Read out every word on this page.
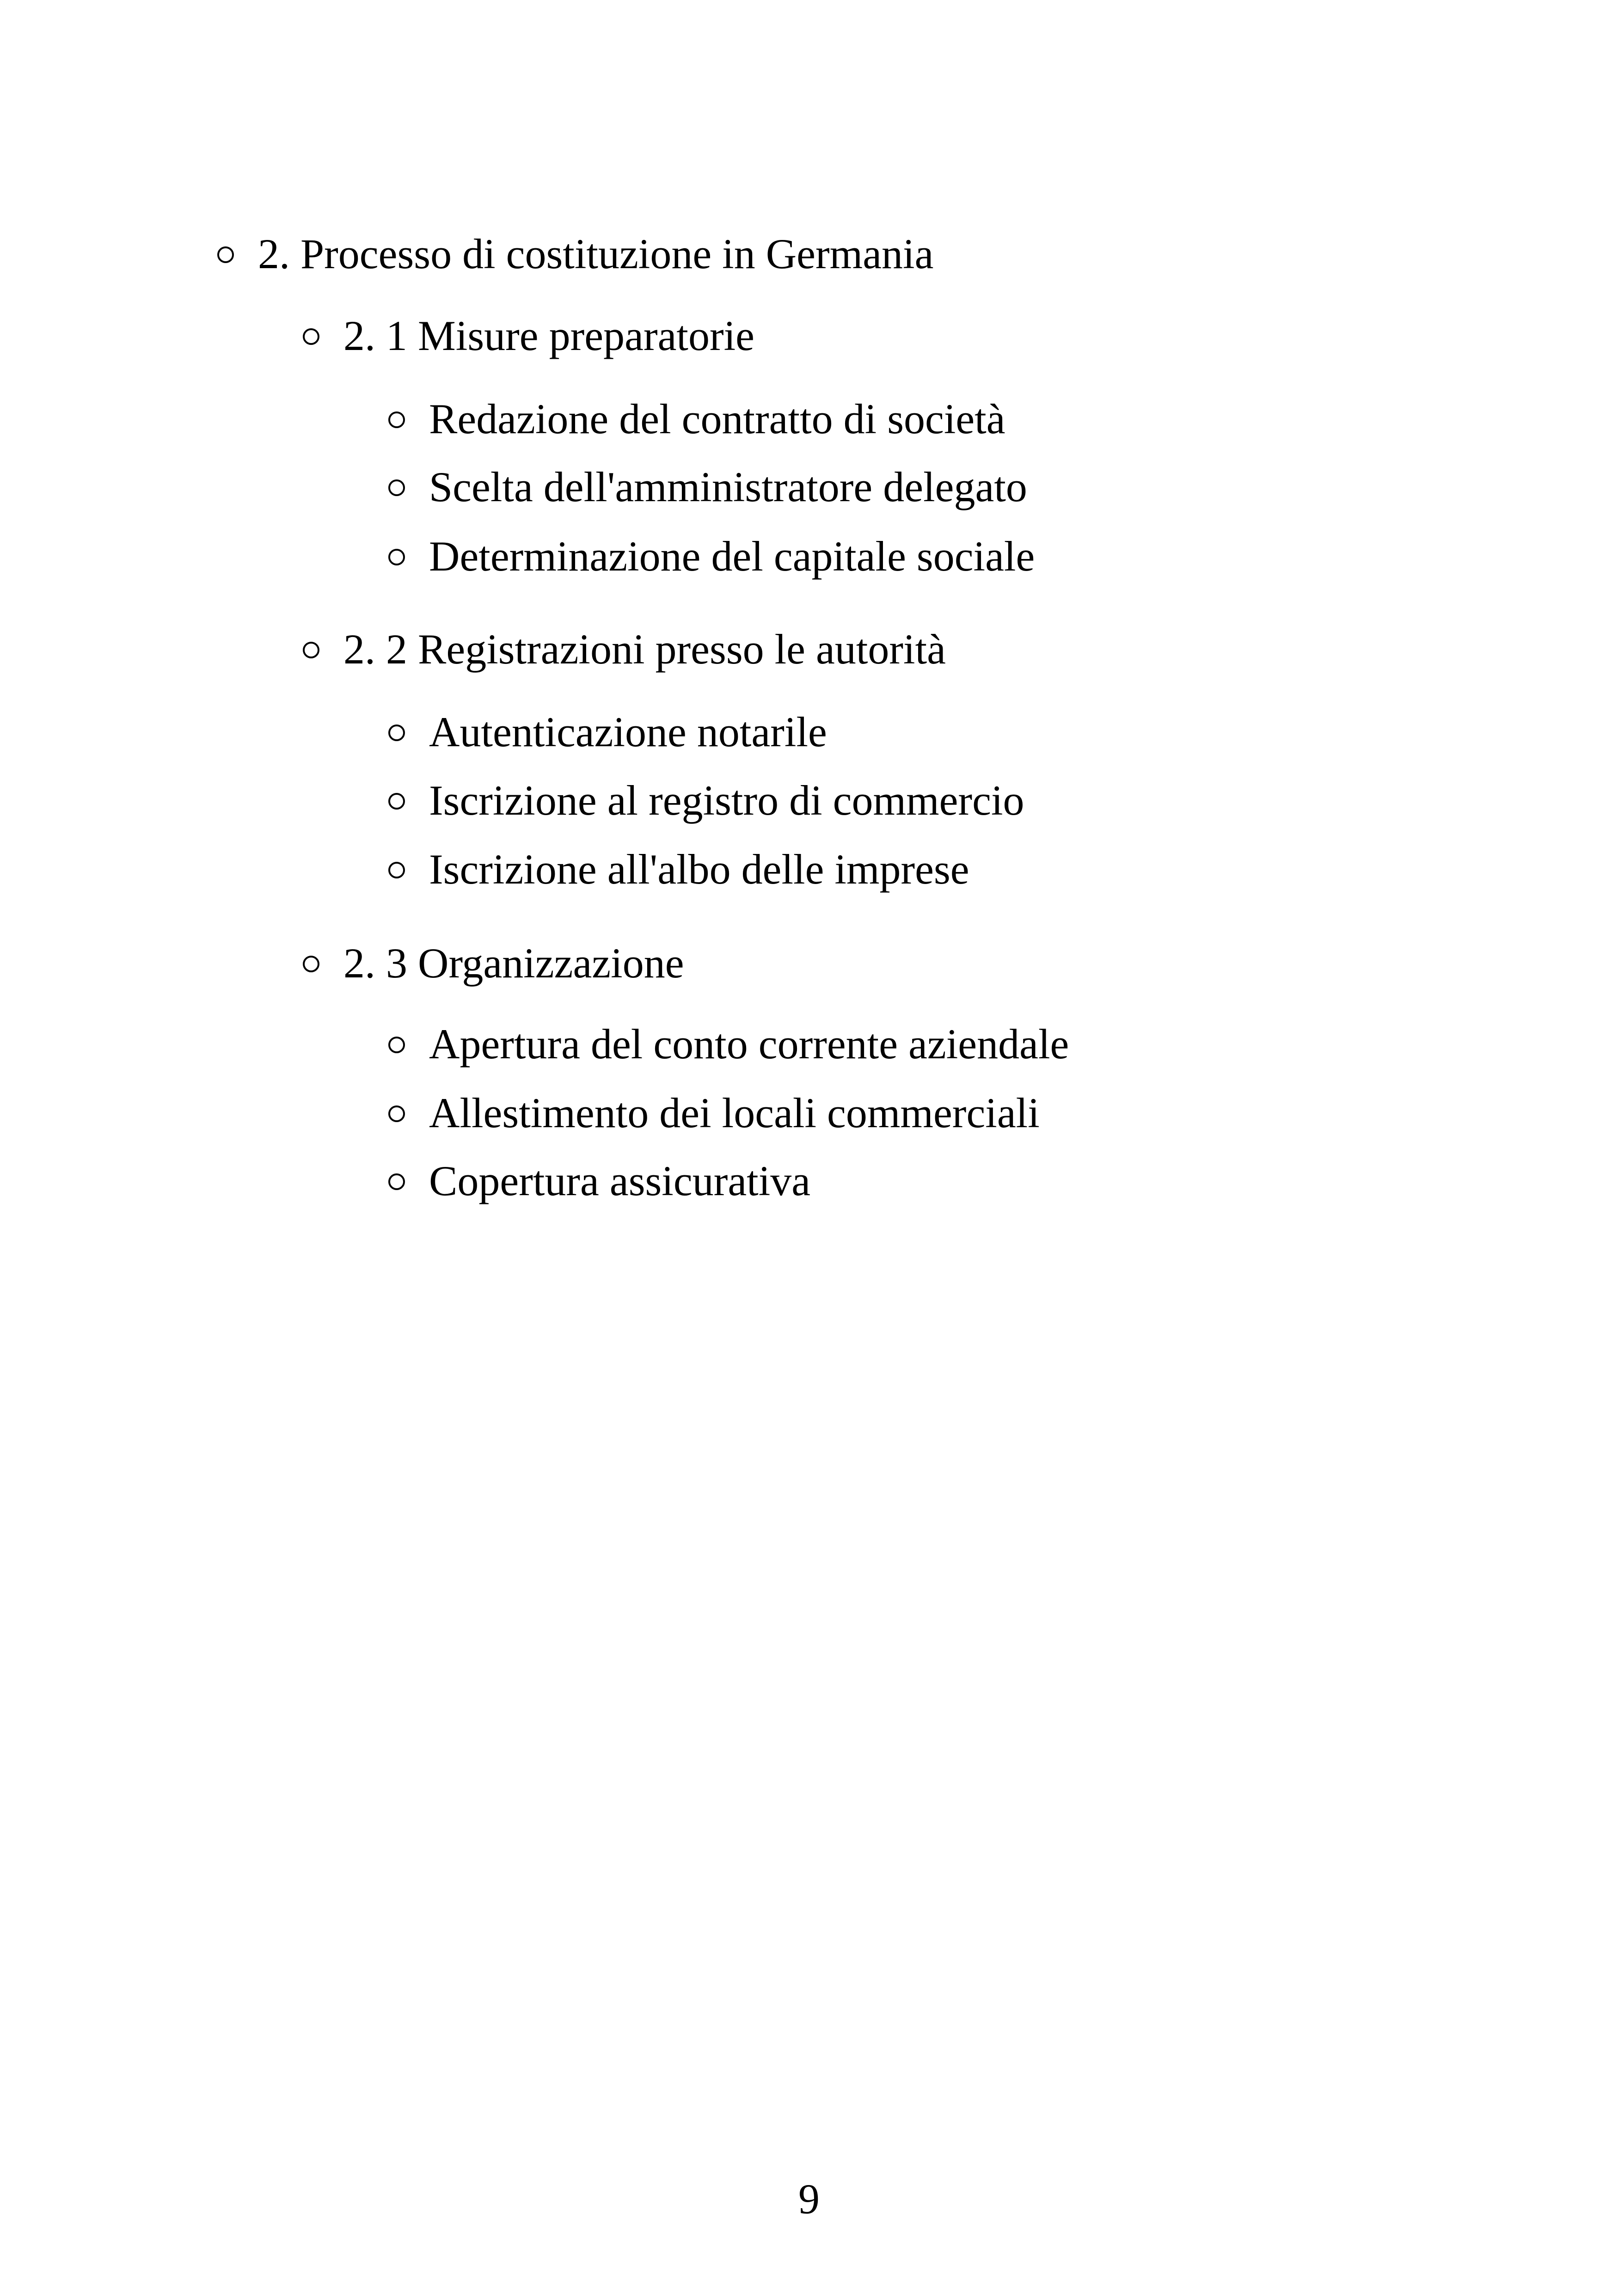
2. Processo di costituzione in Germania
2. 1 Misure preparatorie
Redazione del contratto di società
Scelta dell'amministratore delegato
Determinazione del capitale sociale
2. 2 Registrazioni presso le autorità
Autenticazione notarile
Iscrizione al registro di commercio
Iscrizione all'albo delle imprese
2. 3 Organizzazione
Apertura del conto corrente aziendale
Allestimento dei locali commerciali
Copertura assicurativa
9
